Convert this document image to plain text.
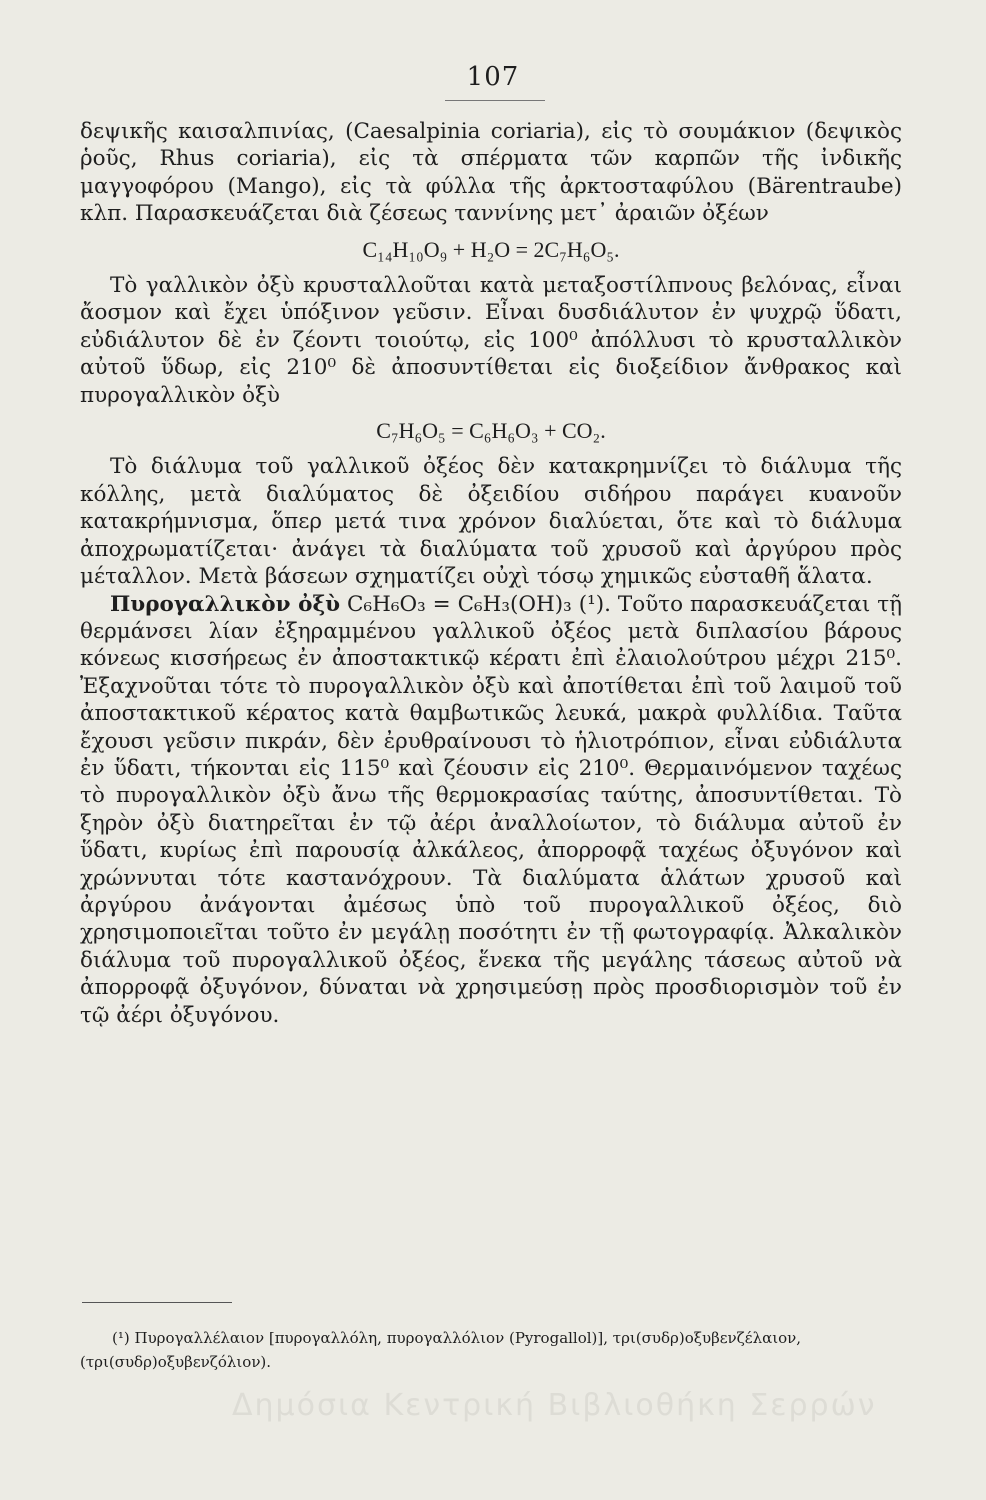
107

δεψικῆς καισαλπινίας, (Caesalpinia coriaria), εἰς τὸ σουμάκιον (δεψικὸς ῥοῦς, Rhus coriaria), εἰς τὰ σπέρματα τῶν καρπῶν τῆς ἰνδικῆς μαγγοφόρου (Mango), εἰς τὰ φύλλα τῆς ἀρκτοσταφύλου (Bärentraube) κλπ. Παρασκευάζεται διὰ ζέσεως ταννίνης μετ᾽ ἀραιῶν ὀξέων

C₁₄H₁₀O₉ + H₂O = 2C₇H₆O₅.

Τὸ γαλλικὸν ὀξὺ κρυσταλλοῦται κατὰ μεταξοστίλπνους βελόνας, εἶναι ἄοσμον καὶ ἔχει ὑπόξινον γεῦσιν. Εἶναι δυσδιάλυτον ἐν ψυχρῷ ὕδατι, εὐδιάλυτον δὲ ἐν ζέοντι τοιούτῳ, εἰς 100⁰ ἀπόλλυσι τὸ κρυσταλλικὸν αὐτοῦ ὕδωρ, εἰς 210⁰ δὲ ἀποσυντίθεται εἰς διοξείδιον ἄνθρακος καὶ πυρογαλλικὸν ὀξὺ

C₇H₆O₅ = C₆H₆O₃ + CO₂.

Τὸ διάλυμα τοῦ γαλλικοῦ ὀξέος δὲν κατακρημνίζει τὸ διάλυμα τῆς κόλλης, μετὰ διαλύματος δὲ ὀξειδίου σιδήρου παράγει κυανοῦν κατακρήμνισμα, ὅπερ μετά τινα χρόνον διαλύεται, ὅτε καὶ τὸ διάλυμα ἀποχρωματίζεται· ἀνάγει τὰ διαλύματα τοῦ χρυσοῦ καὶ ἀργύρου πρὸς μέταλλον. Μετὰ βάσεων σχηματίζει οὐχὶ τόσῳ χημικῶς εὐσταθῆ ἅλατα.

Πυρογαλλικὸν ὀξὺ C₆H₆O₃ = C₆H₃(OH)₃ (¹). Τοῦτο παρασκευάζεται τῇ θερμάνσει λίαν ἐξηραμμένου γαλλικοῦ ὀξέος μετὰ διπλασίου βάρους κόνεως κισσήρεως ἐν ἀποστακτικῷ κέρατι ἐπὶ ἐλαιολούτρου μέχρι 215⁰. Ἐξαχνοῦται τότε τὸ πυρογαλλικὸν ὀξὺ καὶ ἀποτίθεται ἐπὶ τοῦ λαιμοῦ τοῦ ἀποστακτικοῦ κέρατος κατὰ θαμβωτικῶς λευκά, μακρὰ φυλλίδια. Ταῦτα ἔχουσι γεῦσιν πικράν, δὲν ἐρυθραίνουσι τὸ ἡλιοτρόπιον, εἶναι εὐδιάλυτα ἐν ὕδατι, τήκονται εἰς 115⁰ καὶ ζέουσιν εἰς 210⁰. Θερμαινόμενον ταχέως τὸ πυρογαλλικὸν ὀξὺ ἄνω τῆς θερμοκρασίας ταύτης, ἀποσυντίθεται. Τὸ ξηρὸν ὀξὺ διατηρεῖται ἐν τῷ ἀέρι ἀναλλοίωτον, τὸ διάλυμα αὐτοῦ ἐν ὕδατι, κυρίως ἐπὶ παρουσίᾳ ἀλκάλεος, ἀπορροφᾷ ταχέως ὀξυγόνον καὶ χρώννυται τότε καστανόχρουν. Τὰ διαλύματα ἁλάτων χρυσοῦ καὶ ἀργύρου ἀνάγονται ἀμέσως ὑπὸ τοῦ πυρογαλλικοῦ ὀξέος, διὸ χρησιμοποιεῖται τοῦτο ἐν μεγάλῃ ποσότητι ἐν τῇ φωτογραφίᾳ. Ἀλκαλικὸν διάλυμα τοῦ πυρογαλλικοῦ ὀξέος, ἕνεκα τῆς μεγάλης τάσεως αὐτοῦ νὰ ἀπορροφᾷ ὀξυγόνον, δύναται νὰ χρησιμεύσῃ πρὸς προσδιορισμὸν τοῦ ἐν τῷ ἀέρι ὀξυγόνου.

(¹) Πυρογαλλέλαιον [πυρογαλλόλη, πυρογαλλόλιον (Pyrogallol)], τρι(συδρ)οξυβενζέλαιον, (τρι(συδρ)οξυβενζόλιον).
Δημόσια Κεντρική Βιβλιοθήκη Σερρών
